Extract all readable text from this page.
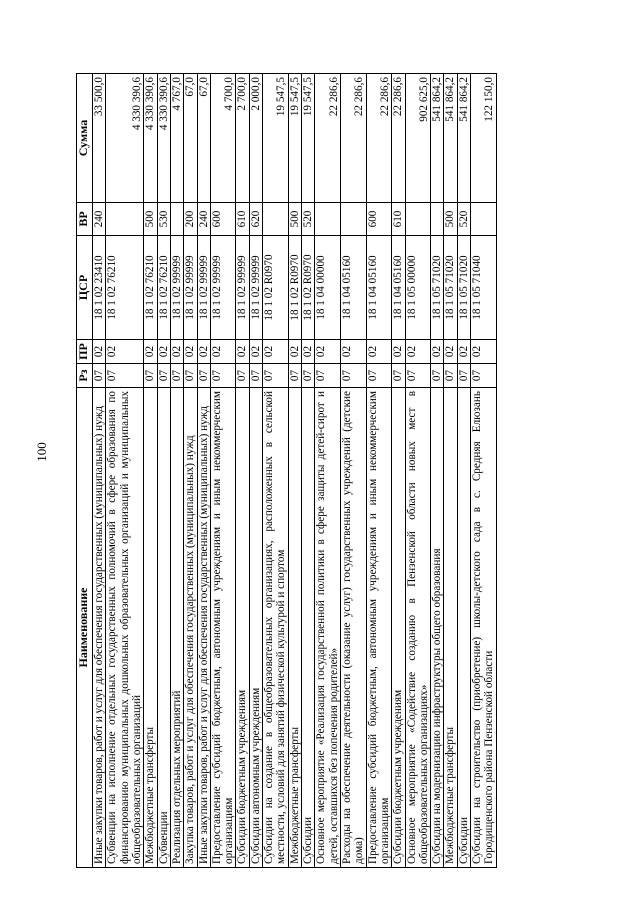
100
Наименование	Рз	ПР	ЦСР	ВР	Сумма
Иные закупки товаров, работ и услуг для обеспечения государственных (муниципальных) нужд	07	02	18 1 02 23410	240	33 500,0
Субвенции на исполнение отдельных государственных полномочий в сфере образования по финансированию муниципальных дошкольных образовательных организаций и муниципальных общеобразовательных организаций	07	02	18 1 02 76210		4 330 390,6
Межбюджетные трансферты	07	02	18 1 02 76210	500	4 330 390,6
Субвенции	07	02	18 1 02 76210	530	4 330 390,6
Реализация отдельных мероприятий	07	02	18 1 02 99999		4 767,0
Закупка товаров, работ и услуг для обеспечения государственных (муниципальных) нужд	07	02	18 1 02 99999	200	67,0
Иные закупки товаров, работ и услуг для обеспечения государственных (муниципальных) нужд	07	02	18 1 02 99999	240	67,0
Предоставление субсидий бюджетным, автономным учреждениям и иным некоммерческим организациям	07	02	18 1 02 99999	600	4 700,0
Субсидии бюджетным учреждениям	07	02	18 1 02 99999	610	2 700,0
Субсидии автономным учреждениям	07	02	18 1 02 99999	620	2 000,0
Субсидии на создание в общеобразовательных организациях, расположенных в сельской местности, условий для занятий физической культурой и спортом	07	02	18 1 02 R0970		19 547,5
Межбюджетные трансферты	07	02	18 1 02 R0970	500	19 547,5
Субсидии	07	02	18 1 02 R0970	520	19 547,5
Основное мероприятие «Реализация государственной политики в сфере защиты детей-сирот и детей, оставшихся без попечения родителей»	07	02	18 1 04 00000		22 286,6
Расходы на обеспечение деятельности (оказание услуг) государственных учреждений (детские дома)	07	02	18 1 04 05160		22 286,6
Предоставление субсидий бюджетным, автономным учреждениям и иным некоммерческим организациям	07	02	18 1 04 05160	600	22 286,6
Субсидии бюджетным учреждениям	07	02	18 1 04 05160	610	22 286,6
Основное мероприятие «Содействие созданию в Пензенской области новых мест в общеобразовательных организациях»	07	02	18 1 05 00000		902 625,0
Субсидии на модернизацию инфраструктуры общего образования	07	02	18 1 05 71020		541 864,2
Межбюджетные трансферты	07	02	18 1 05 71020	500	541 864,2
Субсидии	07	02	18 1 05 71020	520	541 864,2
Субсидии на строительство (приобретение) школы-детского сада в с. Средняя Елюзань Городищенского района Пензенской области	07	02	18 1 05 71040		122 150,0
